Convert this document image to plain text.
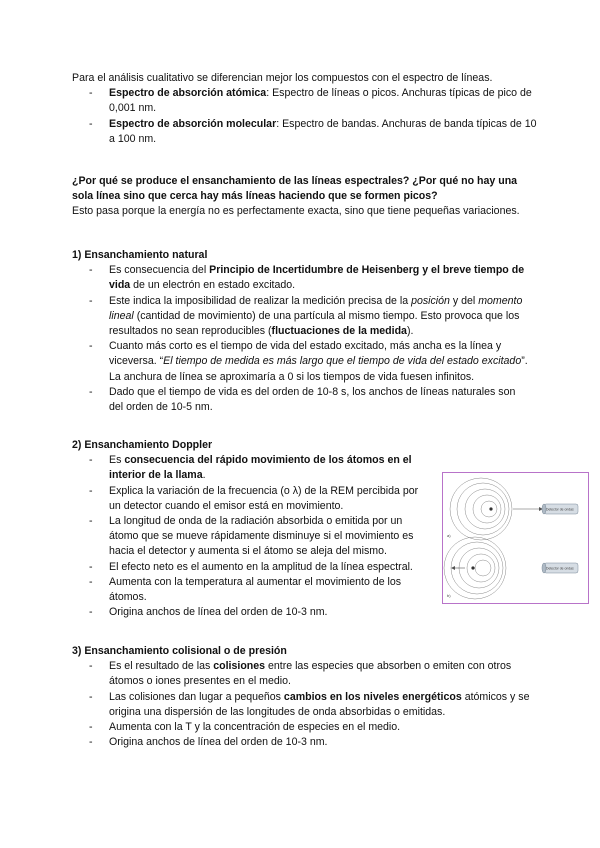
Para el análisis cualitativo se diferencian mejor los compuestos con el espectro de líneas.

- Espectro de absorción atómica: Espectro de líneas o picos. Anchuras típicas de pico de 0,001 nm.
- Espectro de absorción molecular: Espectro de bandas. Anchuras de banda típicas de 10 a 100 nm.

¿Por qué se produce el ensanchamiento de las líneas espectrales? ¿Por qué no hay una sola línea sino que cerca hay más líneas haciendo que se formen picos?

Esto pasa porque la energía no es perfectamente exacta, sino que tiene pequeñas variaciones.

1) Ensanchamiento natural

- Es consecuencia del Principio de Incertidumbre de Heisenberg y el breve tiempo de vida de un electrón en estado excitado.
- Este indica la imposibilidad de realizar la medición precisa de la posición y del momento lineal (cantidad de movimiento) de una partícula al mismo tiempo. Esto provoca que los resultados no sean reproducibles (fluctuaciones de la medida).
- Cuanto más corto es el tiempo de vida del estado excitado, más ancha es la línea y viceversa. “El tiempo de medida es más largo que el tiempo de vida del estado excitado”. La anchura de línea se aproximaría a 0 si los tiempos de vida fuesen infinitos.
- Dado que el tiempo de vida es del orden de 10-8 s, los anchos de líneas naturales son del orden de 10-5 nm.

2) Ensanchamiento Doppler

- Es consecuencia del rápido movimiento de los átomos en el interior de la llama.
- Explica la variación de la frecuencia (o λ) de la REM percibida por un detector cuando el emisor está en movimiento.
- La longitud de onda de la radiación absorbida o emitida por un átomo que se mueve rápidamente disminuye si el movimiento es hacia el detector y aumenta si el átomo se aleja del mismo.
- El efecto neto es el aumento en la amplitud de la línea espectral.
- Aumenta con la temperatura al aumentar el movimiento de los átomos.
- Origina anchos de línea del orden de 10-3 nm.
Detector de ondas
a)
Detector de ondas
b)

3) Ensanchamiento colisional o de presión

- Es el resultado de las colisiones entre las especies que absorben o emiten con otros átomos o iones presentes en el medio.
- Las colisiones dan lugar a pequeños cambios en los niveles energéticos atómicos y se origina una dispersión de las longitudes de onda absorbidas o emitidas.
- Aumenta con la T y la concentración de especies en el medio.
- Origina anchos de línea del orden de 10-3 nm.
